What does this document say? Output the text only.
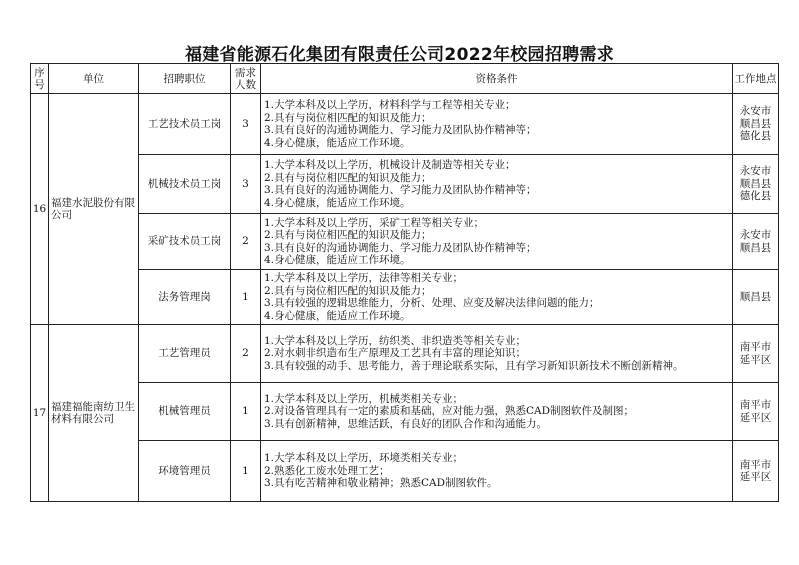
福建省能源石化集团有限责任公司2022年校园招聘需求
序号	单位	招聘职位	需求人数	资格条件	工作地点
16	福建水泥股份有限公司	工艺技术员工岗	3	1.大学本科及以上学历，材料科学与工程等相关专业；
2.具有与岗位相匹配的知识及能力；
3.具有良好的沟通协调能力、学习能力及团队协作精神等；
4.身心健康，能适应工作环境。	永安市
顺昌县
德化县

		机械技术员工岗	3	1.大学本科及以上学历，机械设计及制造等相关专业；
2.具有与岗位相匹配的知识及能力；
3.具有良好的沟通协调能力、学习能力及团队协作精神等；
4.身心健康，能适应工作环境。	永安市
顺昌县
德化县

		采矿技术员工岗	2	1.大学本科及以上学历，采矿工程等相关专业；
2.具有与岗位相匹配的知识及能力；
3.具有良好的沟通协调能力、学习能力及团队协作精神等；
4.身心健康，能适应工作环境。	永安市
顺昌县

		法务管理岗	1	1.大学本科及以上学历，法律等相关专业；
2.具有与岗位相匹配的知识及能力；
3.具有较强的逻辑思维能力，分析、处理、应变及解决法律问题的能力；
4.身心健康，能适应工作环境。	顺昌县

17	福建福能南纺卫生材料有限公司	工艺管理员	2	1.大学本科及以上学历，纺织类、非织造类等相关专业；
2.对水刺非织造布生产原理及工艺具有丰富的理论知识；
3.具有较强的动手、思考能力，善于理论联系实际，且有学习新知识新技术不断创新精神。	南平市
延平区

		机械管理员	1	1.大学本科及以上学历，机械类相关专业；
2.对设备管理具有一定的素质和基础，应对能力强，熟悉CAD制图软件及制图；
3.具有创新精神，思维活跃，有良好的团队合作和沟通能力。	南平市
延平区

		环境管理员	1	1.大学本科及以上学历，环境类相关专业；
2.熟悉化工废水处理工艺；
3.具有吃苦精神和敬业精神；熟悉CAD制图软件。	南平市
延平区
